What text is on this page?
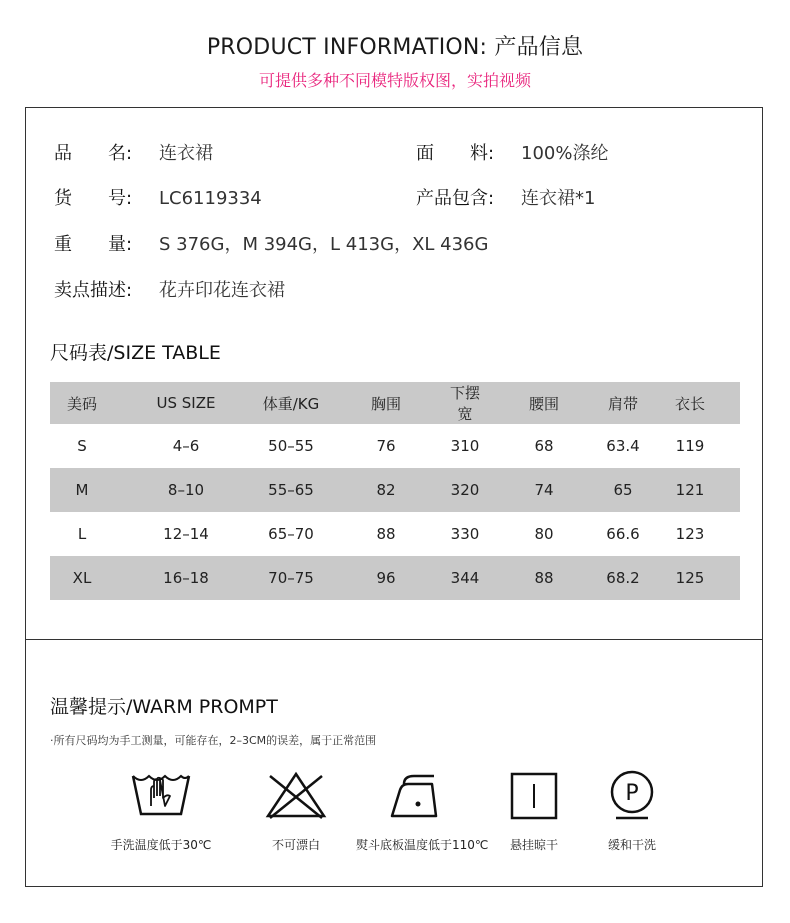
PRODUCT INFORMATION: 产品信息
可提供多种不同模特版权图，实拍视频
品　　名: 连衣裙	面　　料: 100%涤纶
货　　号: LC6119334	产品包含: 连衣裙*1
重　　量: S 376G，M 394G，L 413G，XL 436G
卖点描述: 花卉印花连衣裙
尺码表/SIZE TABLE
美码	US SIZE	体重/KG	胸围	下摆宽	腰围	肩带	衣长
S	4–6	50–55	76	310	68	63.4	119
M	8–10	55–65	82	320	74	65	121
L	12–14	65–70	88	330	80	66.6	123
XL	16–18	70–75	96	344	88	68.2	125
温馨提示/WARM PROMPT
·所有尺码均为手工测量，可能存在，2–3CM的误差，属于正常范围
手洗温度低于30℃	不可漂白	熨斗底板温度低于110℃	悬挂晾干
P
缓和干洗
